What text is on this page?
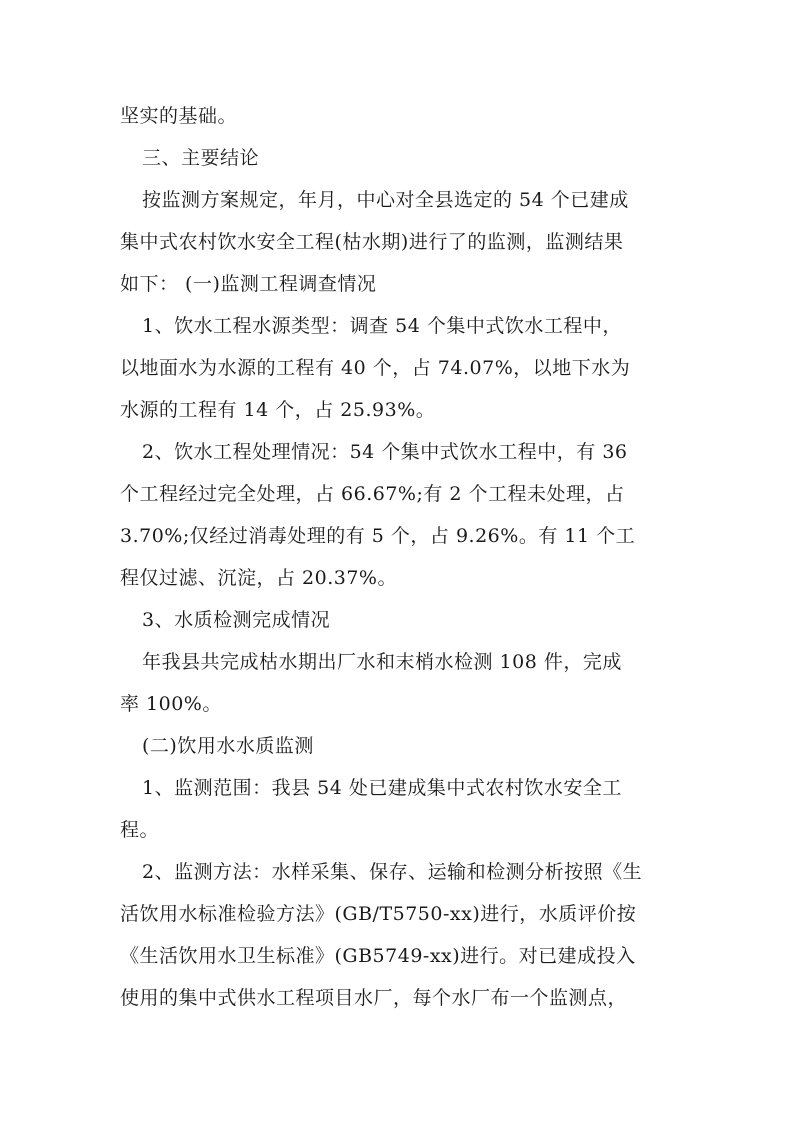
坚实的基础。
三、主要结论
按监测方案规定，年月，中心对全县选定的 54 个已建成
集中式农村饮水安全工程(枯水期)进行了的监测，监测结果
如下： (一)监测工程调查情况
1、饮水工程水源类型：调查 54 个集中式饮水工程中，
以地面水为水源的工程有 40 个，占 74.07%，以地下水为
水源的工程有 14 个，占 25.93%。
2、饮水工程处理情况：54 个集中式饮水工程中，有 36
个工程经过完全处理，占 66.67%;有 2 个工程未处理，占
3.70%;仅经过消毒处理的有 5 个，占 9.26%。有 11 个工
程仅过滤、沉淀，占 20.37%。
3、水质检测完成情况
年我县共完成枯水期出厂水和末梢水检测 108 件，完成
率 100%。
(二)饮用水水质监测
1、监测范围：我县 54 处已建成集中式农村饮水安全工
程。
2、监测方法：水样采集、保存、运输和检测分析按照《生
活饮用水标准检验方法》(GB/T5750-xx)进行，水质评价按
《生活饮用水卫生标准》(GB5749-xx)进行。对已建成投入
使用的集中式供水工程项目水厂，每个水厂布一个监测点，
